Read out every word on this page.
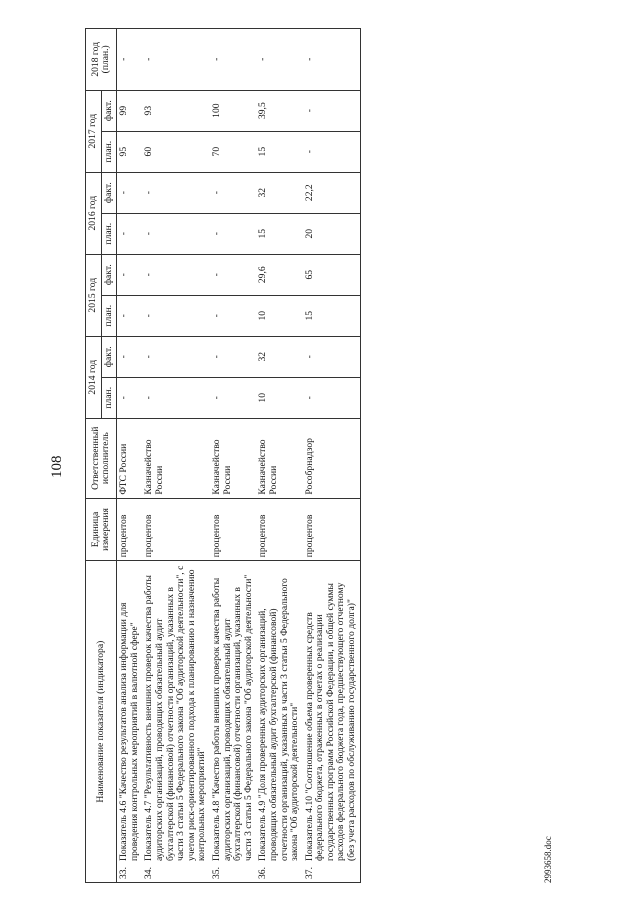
108
Наименование показателя (индикатора)	Единица измерения	Ответственный исполнитель	2014 год		2015 год		2016 год		2017 год		2018 год (план.)
			план.	факт.	план.	факт.	план.	факт.	план.	факт.	
33.Показатель 4.6 "Качество результатов анализа информации для проведения контрольных мероприятий в валютной сфере"	процентов	ФТС России	-	-	-	-	-	-	95	99	-
34.Показатель 4.7 "Результативность внешних проверок качества работы аудиторских организаций, проводящих обязательный аудит бухгалтерской (финансовой) отчетности организаций, указанных в части 3 статьи 5 Федерального закона "Об аудиторской деятельности", с учетом риск-ориентированного подхода к планированию и назначению контрольных мероприятий"	процентов	Казначейство России	-	-	-	-	-	-	60	93	-
35.Показатель 4.8 "Качество работы внешних проверок качества работы аудиторских организаций, проводящих обязательный аудит бухгалтерской (финансовой) отчетности организаций, указанных в части 3 статьи 5 Федерального закона "Об аудиторской деятельности"	процентов	Казначейство России	-	-	-	-	-	-	70	100	-
36.Показатель 4.9 "Доля проверенных аудиторских организаций, проводящих обязательный аудит бухгалтерской (финансовой) отчетности организаций, указанных в части 3 статьи 5 Федерального закона "Об аудиторской деятельности"	процентов	Казначейство России	10	32	10	29,6	15	32	15	39,5	-
37.Показатель 4.10 "Соотношение объема проверенных средств федерального бюджета, отраженных в отчетах о реализации государственных программ Российской Федерации, и общей суммы расходов федерального бюджета года, предшествующего отчетному (без учета расходов по обслуживанию государственного долга)"	процентов	Рособрнадзор	-	-	15	65	20	22,2	-	-	-
2993658.doc
